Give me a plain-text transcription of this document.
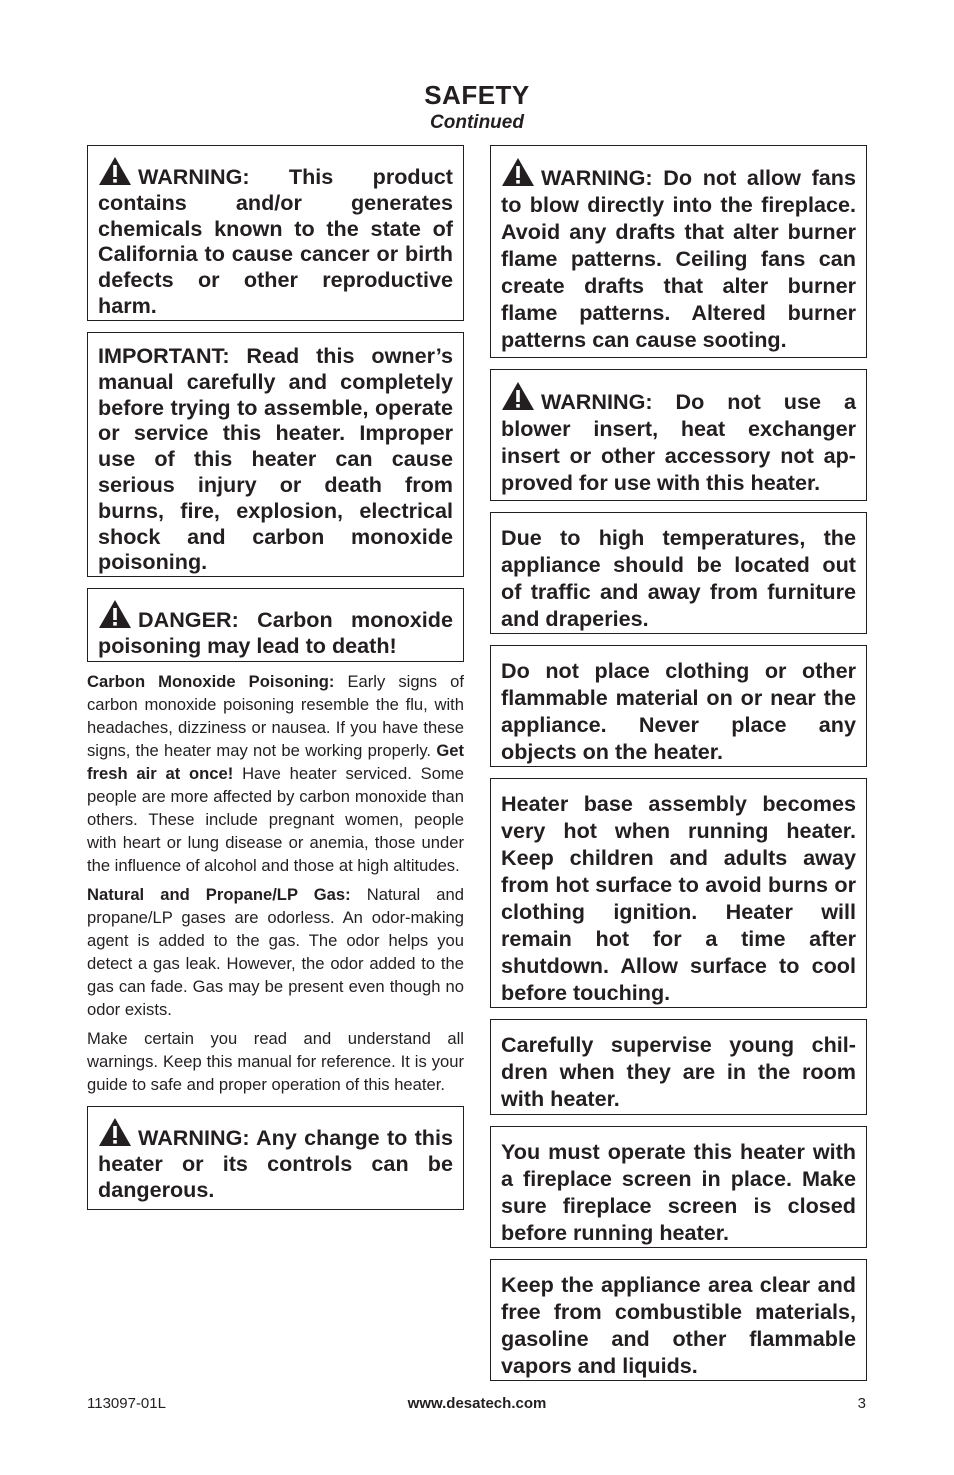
SAFETY
Continued
WARNING: This product contains and/or generates chemicals known to the state of California to cause cancer or birth defects or other reproductive harm.
IMPORTANT: Read this owner’s manual carefully and completely before trying to assemble, operate or service this heater. Improper use of this heater can cause serious injury or death from burns, fire, explosion, electrical shock and carbon monoxide poisoning.
DANGER: Carbon monoxide poisoning may lead to death!

Carbon Monoxide Poisoning: Early signs of carbon monoxide poisoning resemble the flu, with headaches, dizziness or nausea. If you have these signs, the heater may not be working properly. Get fresh air at once! Have heater serviced. Some people are more affected by carbon monoxide than others. These include pregnant women, people with heart or lung disease or anemia, those under the influence of alcohol and those at high altitudes.

Natural and Propane/LP Gas: Natural and propane/LP gases are odorless. An odor-making agent is added to the gas. The odor helps you detect a gas leak. However, the odor added to the gas can fade. Gas may be present even though no odor exists.

Make certain you read and understand all warnings. Keep this manual for reference. It is your guide to safe and proper operation of this heater.

WARNING: Any change to this heater or its controls can be dangerous.
WARNING: Do not allow fans to blow directly into the fireplace. Avoid any drafts that alter burner flame patterns. Ceiling fans can create drafts that alter burner flame patterns. Altered burner patterns can cause sooting.
WARNING: Do not use a blower insert, heat exchanger insert or other accessory not approved for use with this heater.
Due to high temperatures, the appliance should be located out of traffic and away from furniture and draperies.
Do not place clothing or other flammable material on or near the appliance. Never place any objects on the heater.
Heater base assembly becomes very hot when running heater. Keep children and adults away from hot surface to avoid burns or clothing ignition. Heater will remain hot for a time after shutdown. Allow surface to cool before touching.
Carefully supervise young children when they are in the room with heater.
You must operate this heater with a fireplace screen in place. Make sure fireplace screen is closed before running heater.
Keep the appliance area clear and free from combustible materials, gasoline and other flammable vapors and liquids.
113097-01L	www.desatech.com	3
